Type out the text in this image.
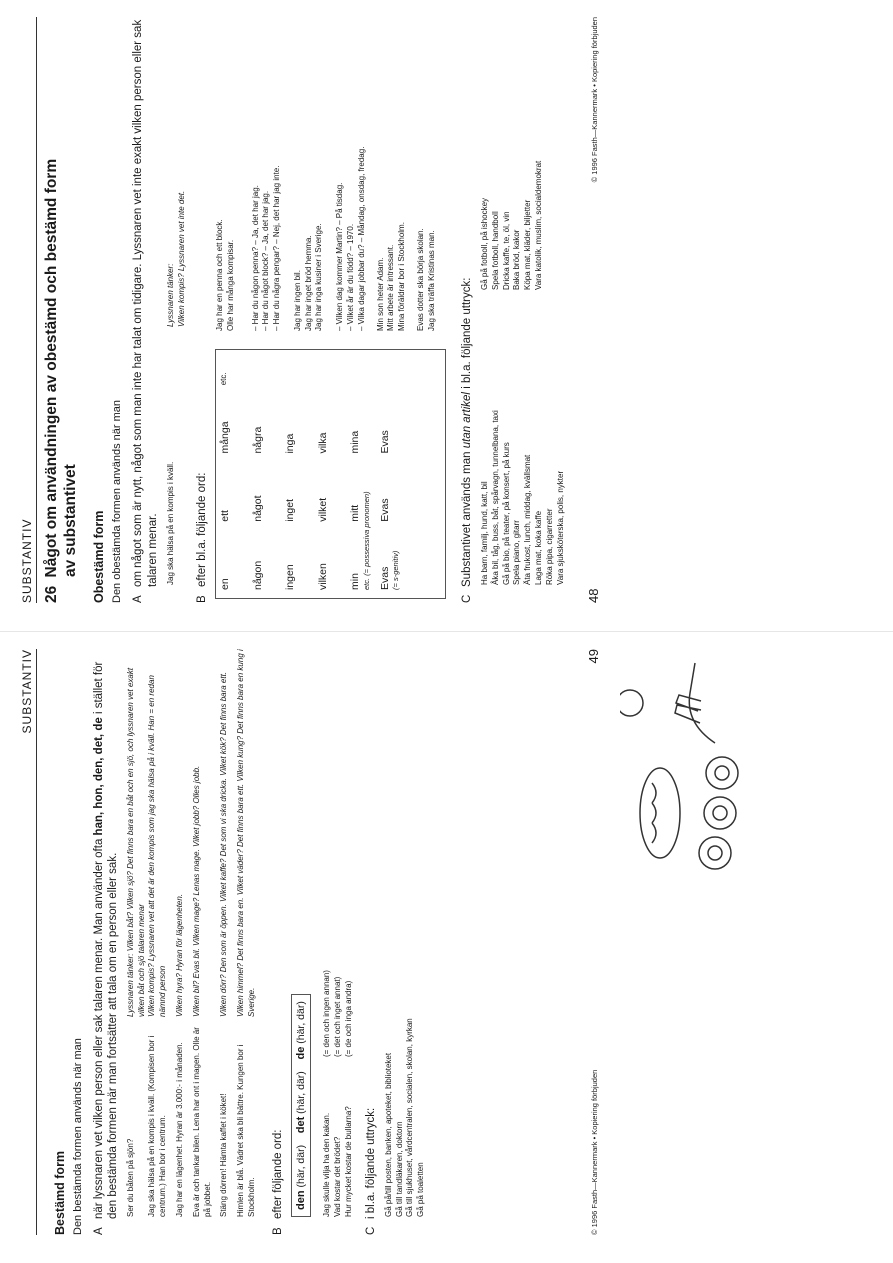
SUBSTANTIV 26 Något om användningen av obestämd och bestämd form av substantivet Obestämd form Den obestämda formen används när man A
om något som är nytt, något som man inte har talat om tidigare. Lyssnaren vet inte exakt vilken person eller sak talaren menar. Jag ska hälsa på en kompis i kväll.
Lyssnaren tänker: Vilken kompis? Lyssnaren vet inte det.
B
efter bl.a. följande ord: en
ett
många
etc.
någon
något
några
ingen
inget
inga
vilken
vilket
vilka
min
mitt
mina
etc. (= possessiva pronomen) Evas
Evas
Evas
(= s-genitiv)
Jag har en penna och ett block. Olle har många kompisar. – Har du någon penna? – Ja, det har jag. – Har du något block? – Ja, det har jag. – Har du några pengar? – Nej, det har jag inte. Jag har ingen bil. Jag har inget bröd hemma. Jag har inga kusiner i Sverige. – Vilken dag kommer Martin? – På tisdag. – Vilket år är du född? – 1970. – Vilka dagar jobbar du? – Måndag, onsdag, fredag. Min son heter Adam. Mitt arbete är intressant. Mina föräldrar bor i Stockholm. Evas dotter ska börja skolan. Jag ska träffa Kristinas man.
C
Substantivet används man utan artikel i bl.a. följande uttryck:
Ha barn, familj, hund, katt, bil Åka bil, tåg, buss, båt, spårvagn, tunnelbana, taxi Gå på bio, på teater, på konsert, på kurs Spela piano, gitarr Äta frukost, lunch, middag, kvällsmat Laga mat, koka kaffe Röka pipa, cigarretter Vara sjuksköterska, polis, nykter
Gå på fotboll, på ishockey Spela fotboll, handboll Dricka kaffe, te, öl, vin Baka bröd, kakor Köpa mat, kläder, biljetter Vara katolik, muslim, socialdemokrat
48
© 1996 Fasth—Kannermark • Kopiering förbjuden
SUBSTANTIV
Bestämd form Den bestämda formen används när man A
när lyssnaren vet vilken person eller sak talaren menar. Man använder ofta han, hon, den, det, de i stället för den bestämda formen när man fortsätter att tala om en person eller sak. Ser du båten på sjön?
Lyssnaren tänker: Vilken båt? Vilken sjö? Det finns bara en båt och en sjö, och lyssnaren vet exakt vilken båt och sjö talaren menar
Jag ska hälsa på en kompis i kväll. (Kompisen bor i centrum.) Han bor i centrum.
Vilken kompis? Lyssnaren vet att det är den kompis som jag ska hälsa på i kväll. Han = en redan nämnd person
Jag har en lägenhet. Hyran är 3.000:- i månaden.
Vilken hyra? Hyran för lägenheten.
Eva är och tankar bilen. Lena har ont i magen. Olle är på jobbet.
Vilken bil? Evas bil. Vilken mage? Lenas mage. Vilket jobb? Olles jobb.
Stäng dörren! Hämta kaffet i köket!
Vilken dörr? Den som är öppen. Vilket kaffe? Det som vi ska dricka. Vilket kök? Det finns bara ett.
Himlen är blå. Vädret ska bli bättre. Kungen bor i Stockholm.
Vilken himmel? Det finns bara en. Vilket väder? Det finns bara ett. Vilken kung? Det finns bara en kung i Sverige.
B
efter följande ord: den (här, där)    det (här, där)    de (här, där)
Jag skulle vilja ha den kakan.
(= den och ingen annan)
Vad kostar det brödet?
(= det och inget annat)
Hur mycket kostar de bullarna?
(= de och inga andra)
C
i bl.a. följande uttryck: Gå på/till posten, banken, apoteket, biblioteket Gå till tandläkaren, doktorn Gå till sjukhuset, vårdcentralen, socialen, skolan, kyrkan Gå på toaletten
49
© 1996 Fasth—Kannermark • Kopiering förbjuden
